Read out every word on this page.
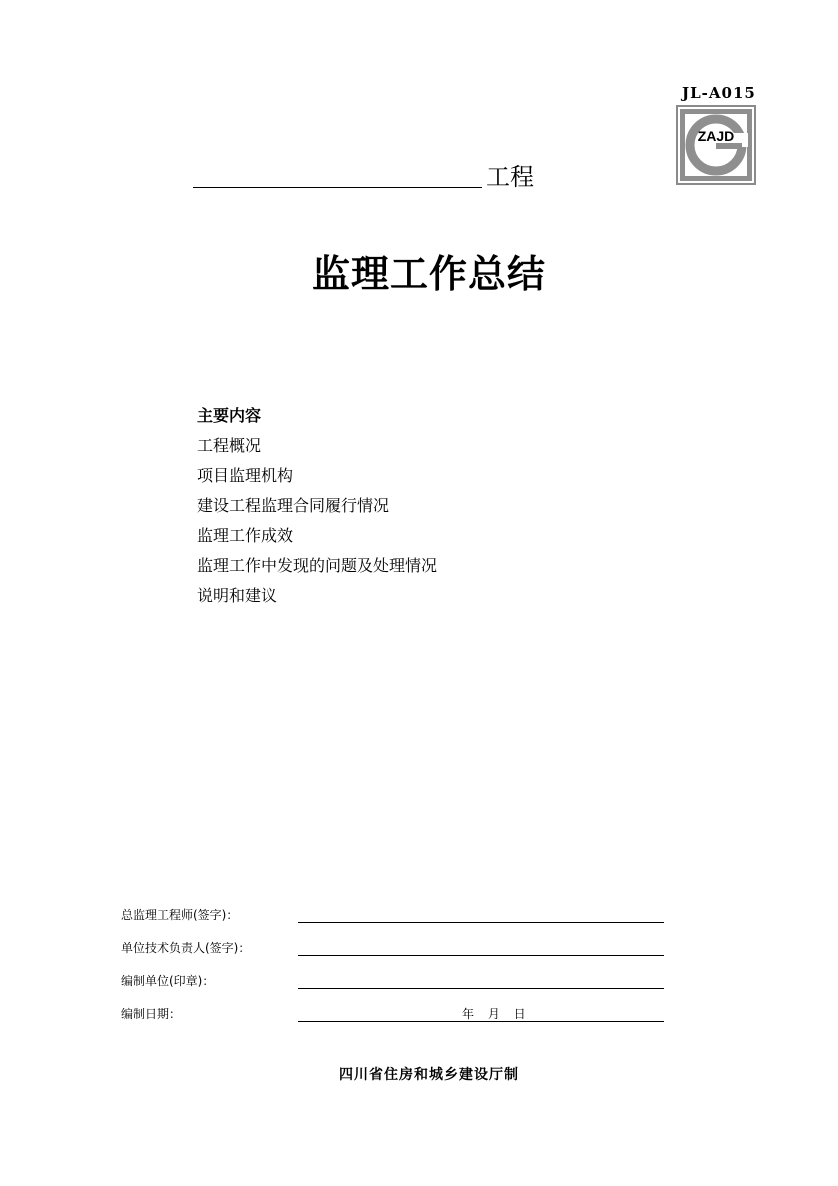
JL-A015
ZAJD
工程
监理工作总结
主要内容
工程概况
项目监理机构
建设工程监理合同履行情况
监理工作成效
监理工作中发现的问题及处理情况
说明和建议
总监理工程师(签字)：
单位技术负责人(签字)：
编制单位(印章)：
编制日期：	年 月 日
四川省住房和城乡建设厅制
